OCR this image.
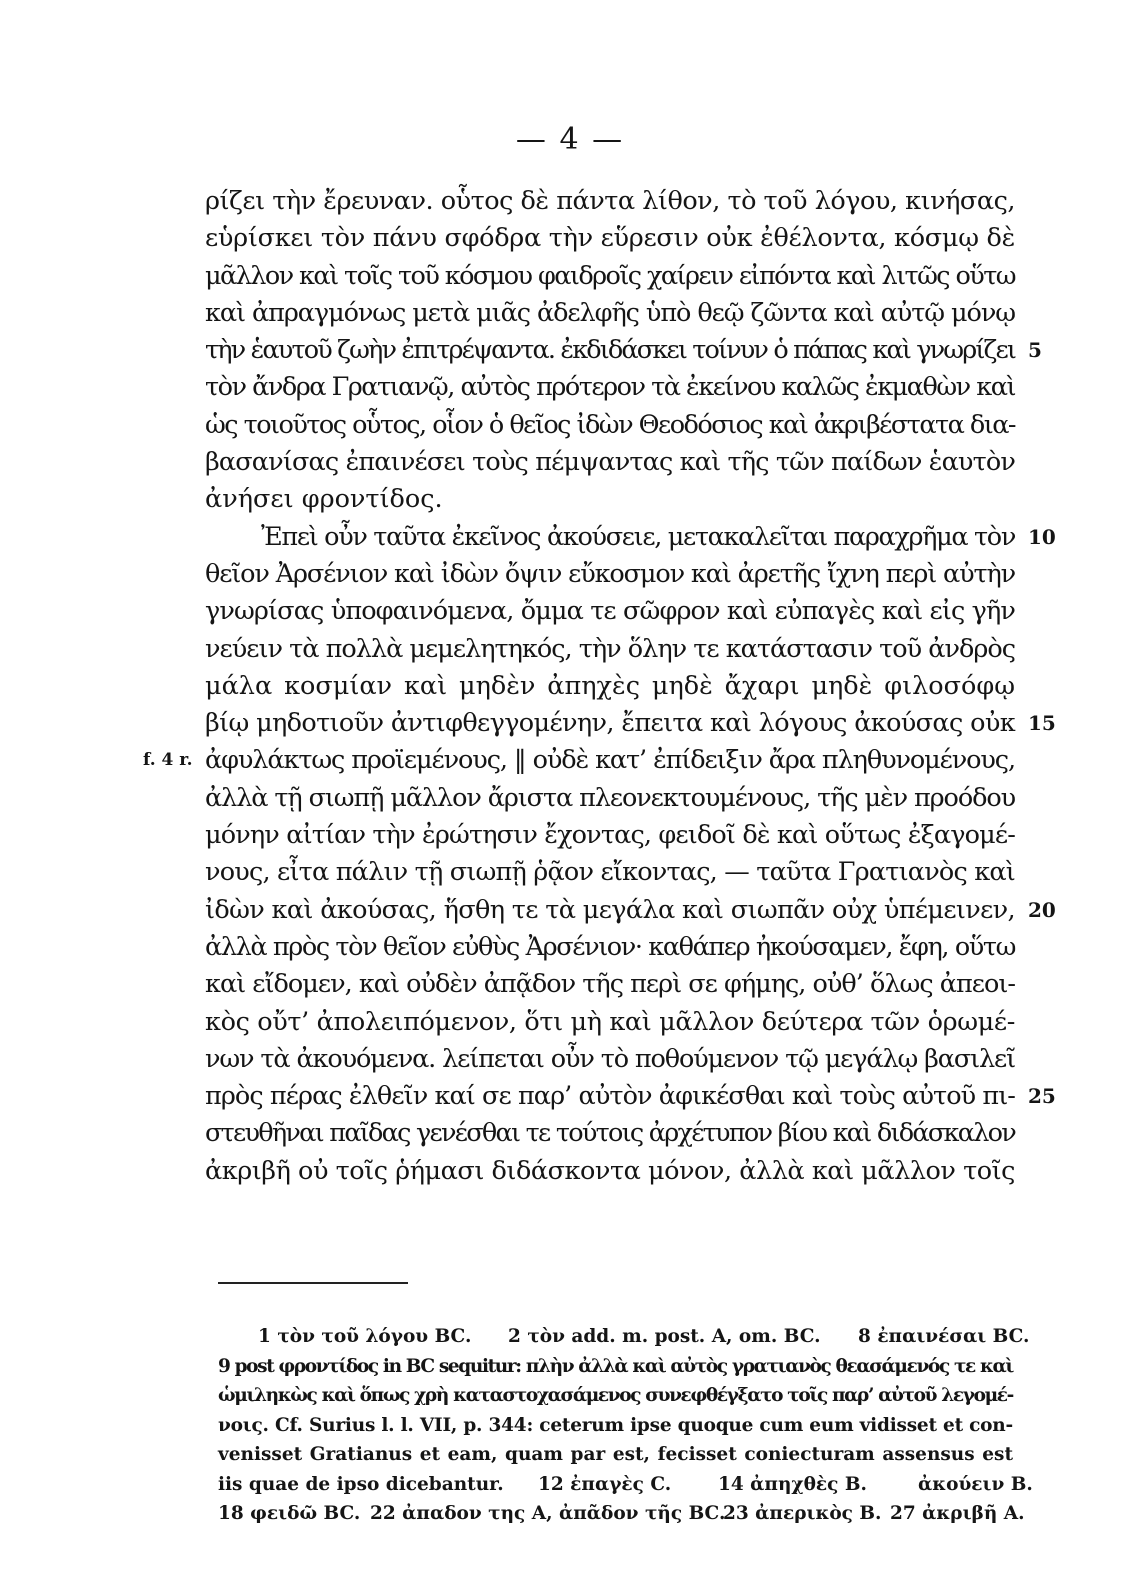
— 4 —
ρίζει τὴν ἔρευναν. οὗτος δὲ πάντα λίθον, τὸ τοῦ λόγου, κινήσας,
εὑρίσκει τὸν πάνυ σφόδρα τὴν εὕρεσιν οὐκ ἐθέλοντα, κόσμῳ δὲ
μᾶλλον καὶ τοῖς τοῦ κόσμου φαιδροῖς χαίρειν εἰπόντα καὶ λιτῶς οὕτω
καὶ ἀπραγμόνως μετὰ μιᾶς ἀδελφῆς ὑπὸ θεῷ ζῶντα καὶ αὐτῷ μόνῳ
τὴν ἑαυτοῦ ζωὴν ἐπιτρέψαντα. ἐκδιδάσκει τοίνυν ὁ πάπας καὶ γνωρίζει 5
τὸν ἄνδρα Γρατιανῷ, αὐτὸς πρότερον τὰ ἐκείνου καλῶς ἐκμαθὼν καὶ
ὡς τοιοῦτος οὗτος, οἷον ὁ θεῖος ἰδὼν Θεοδόσιος καὶ ἀκριβέστατα δια-
βασανίσας ἐπαινέσει τοὺς πέμψαντας καὶ τῆς τῶν παίδων ἑαυτὸν
ἀνήσει φροντίδος.
Ἐπεὶ οὖν ταῦτα ἐκεῖνος ἀκούσειε, μετακαλεῖται παραχρῆμα τὸν 10
θεῖον Ἀρσένιον καὶ ἰδὼν ὄψιν εὔκοσμον καὶ ἀρετῆς ἴχνη περὶ αὐτὴν
γνωρίσας ὑποφαινόμενα, ὄμμα τε σῶφρον καὶ εὐπαγὲς καὶ εἰς γῆν
νεύειν τὰ πολλὰ μεμελητηκός, τὴν ὅλην τε κατάστασιν τοῦ ἀνδρὸς
μάλα κοσμίαν καὶ μηδὲν ἀπηχὲς μηδὲ ἄχαρι μηδὲ φιλοσόφῳ
βίῳ μηδοτιοῦν ἀντιφθεγγομένην, ἔπειτα καὶ λόγους ἀκούσας οὐκ 15
f. 4 r. ἀφυλάκτως προϊεμένους, ‖ οὐδὲ κατ’ ἐπίδειξιν ἄρα πληθυνομένους,
ἀλλὰ τῇ σιωπῇ μᾶλλον ἄριστα πλεονεκτουμένους, τῆς μὲν προόδου
μόνην αἰτίαν τὴν ἐρώτησιν ἔχοντας, φειδοῖ δὲ καὶ οὕτως ἐξαγομέ-
νους, εἶτα πάλιν τῇ σιωπῇ ῥᾷον εἴκοντας, — ταῦτα Γρατιανὸς καὶ
ἰδὼν καὶ ἀκούσας, ἥσθη τε τὰ μεγάλα καὶ σιωπᾶν οὐχ ὑπέμεινεν, 20
ἀλλὰ πρὸς τὸν θεῖον εὐθὺς Ἀρσένιον· καθάπερ ἠκούσαμεν, ἔφη, οὕτω
καὶ εἴδομεν, καὶ οὐδὲν ἀπᾷδον τῆς περὶ σε φήμης, οὐθ’ ὅλως ἀπεοι-
κὸς οὔτ’ ἀπολειπόμενον, ὅτι μὴ καὶ μᾶλλον δεύτερα τῶν ὁρωμέ-
νων τὰ ἀκουόμενα. λείπεται οὖν τὸ ποθούμενον τῷ μεγάλῳ βασιλεῖ
πρὸς πέρας ἐλθεῖν καί σε παρ’ αὐτὸν ἀφικέσθαι καὶ τοὺς αὐτοῦ πι- 25
στευθῆναι παῖδας γενέσθαι τε τούτοις ἀρχέτυπον βίου καὶ διδάσκαλον
ἀκριβῆ οὐ τοῖς ῥήμασι διδάσκοντα μόνον, ἀλλὰ καὶ μᾶλλον τοῖς
1 τὸν τοῦ λόγου BC. 2 τὸν add. m. post. A, om. BC. 8 ἐπαινέσαι BC.
9 post φροντίδος in BC sequitur: πλὴν ἀλλὰ καὶ αὐτὸς γρατιανὸς θεασάμενός τε καὶ
ὡμιληκὼς καὶ ὅπως χρὴ καταστοχασάμενος συνεφθέγξατο τοῖς παρ’ αὐτοῦ λεγομέ-
νοις. Cf. Surius l. l. VII, p. 344: ceterum ipse quoque cum eum vidisset et con-
venisset Gratianus et eam, quam par est, fecisset coniecturam assensus est
iis quae de ipso dicebantur. 12 ἐπαγὲς C.	14 ἀπηχθὲς B.	ἀκούειν B.
18 φειδῶ BC. 22 ἀπαδον της A, ἀπᾶδον τῆς BC.
23 ἀπερικὸς B. 27 ἀκριβῆ A.
